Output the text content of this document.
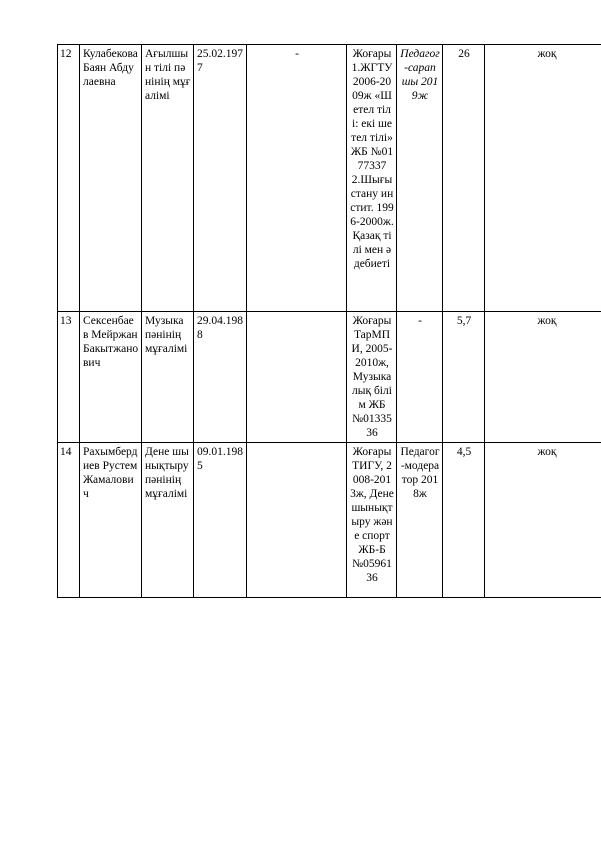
12	Кулабекова Баян Абдулаевна	Ағылшын тілі пәнінің мұғалімі	25.02.1977	-	Жоғары
1.ЖГТУ 2006-2009ж «Шетел тілі: екі шетел тілі» ЖБ №0177337
2.Шығыстану инстит. 1996-2000ж. Қазақ тілі мен әдебиеті	Педагог-сарапшы 2019ж	26	жоқ
13	Сексенбаев Мейржан Бакытжанович	Музыка пәнінің мұғалімі	29.04.1988		Жоғары
ТарМПИ, 2005-2010ж, Музыкалық білім ЖБ №0133536	-	5,7	жоқ
14	Рахымбердиев Рустем Жамалович	Дене шынықтыру пәнінің мұғалімі	09.01.1985		Жоғары
ТИГУ, 2008-2013ж, Дене шынықтыру және спорт ЖБ-Б №0596136	Педагог-модератор 2018ж	4,5	жоқ
